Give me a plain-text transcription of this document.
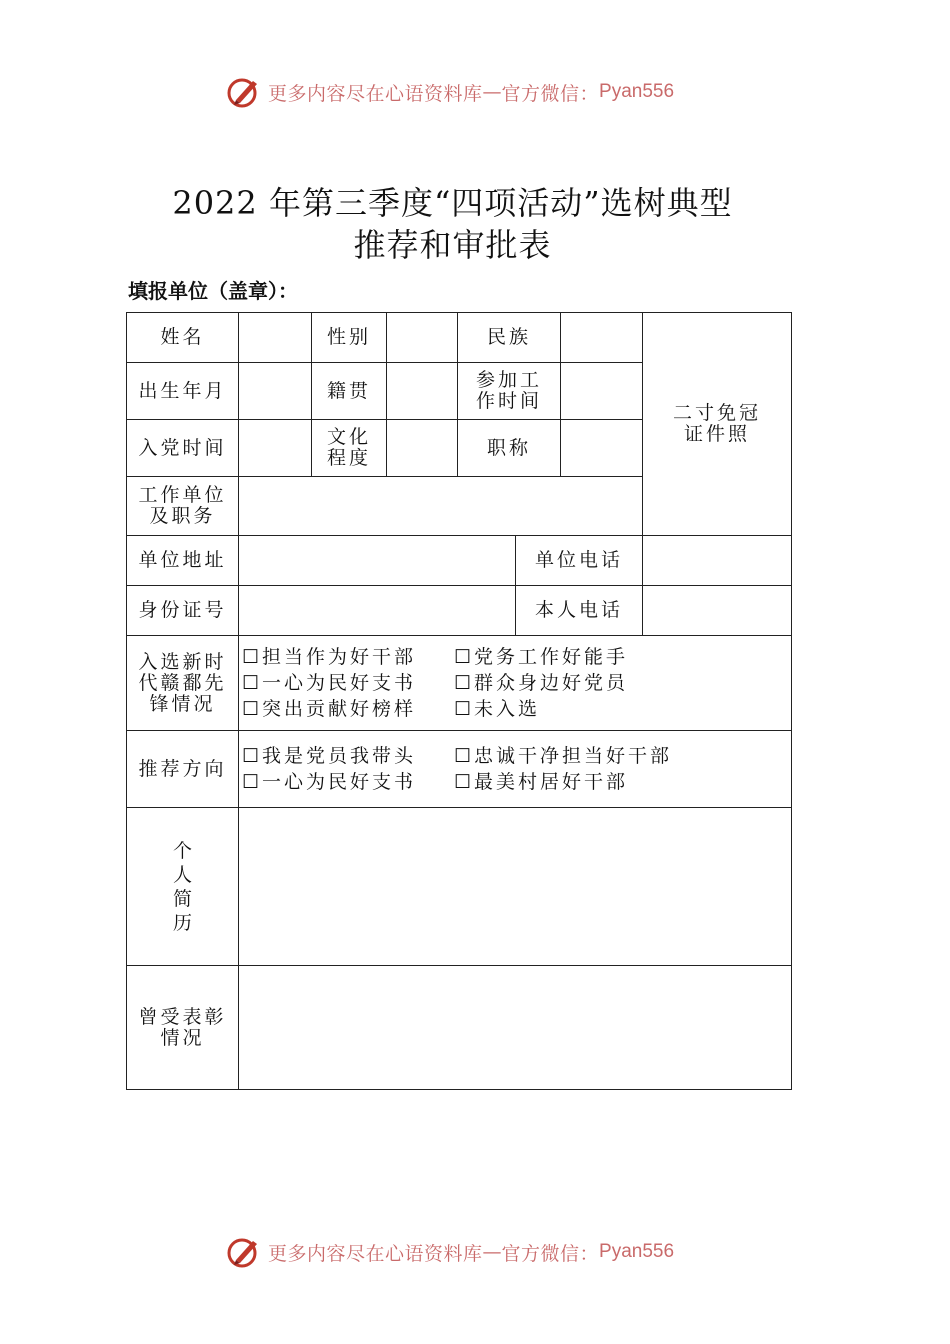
更多内容尽在心语资料库 — 官方微信： Pyan556
2022 年第三季度“四项活动”选树典型
推荐和审批表
填报单位（盖章）：
姓名		性别		民族			二寸免冠
证件照

出生年月		籍贯		参加工作时间			
入党时间		文化程度		职称			
工作单位及职务							
单位地址					单位电话		
身份证号					本人电话		
入选新时代赣鄱先锋情况	☐担当作为好干部 ☐党务工作好能手
☐一心为民好支书 ☐群众身边好党员
☐突出贡献好榜样 ☐未入选						

推荐方向	☐我是党员我带头 ☐忠诚干净担当好干部
☐一心为民好支书 ☐最美村居好干部						

个人简历							
曾受表彰情况							
更多内容尽在心语资料库 — 官方微信： Pyan556
